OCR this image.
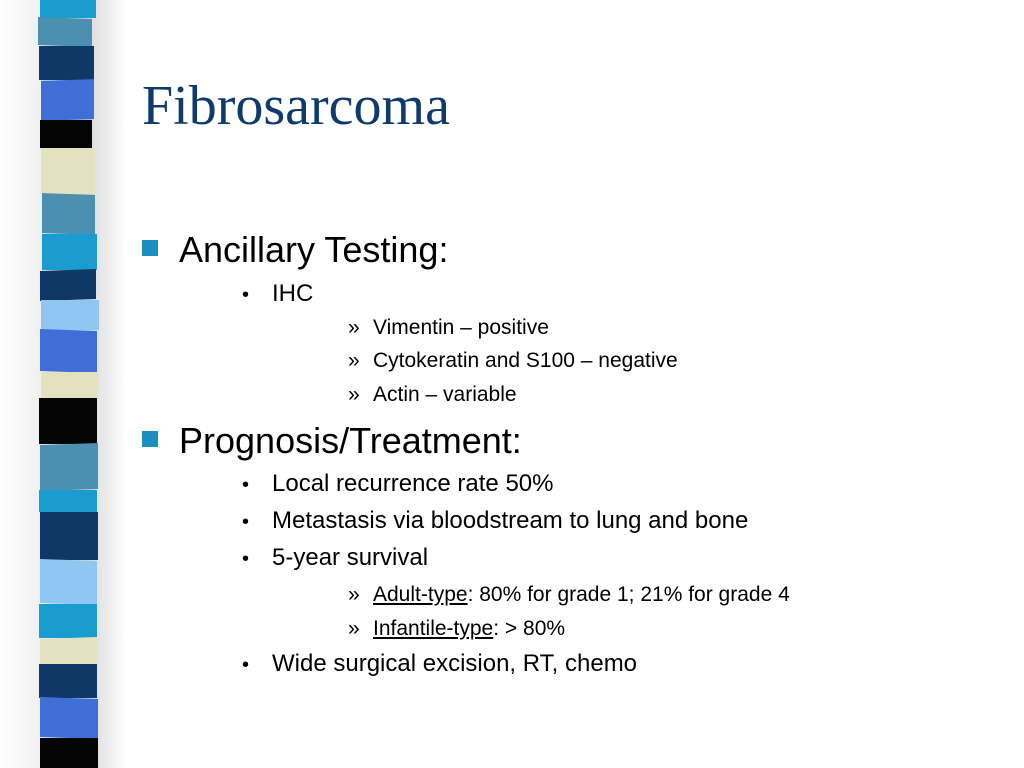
Fibrosarcoma
Ancillary Testing:
• IHC
» Vimentin – positive
» Cytokeratin and S100 – negative
» Actin – variable
Prognosis/Treatment:
• Local recurrence rate 50%
• Metastasis via bloodstream to lung and bone
• 5-year survival
» Adult-type: 80% for grade 1; 21% for grade 4
» Infantile-type: > 80%
• Wide surgical excision, RT, chemo
